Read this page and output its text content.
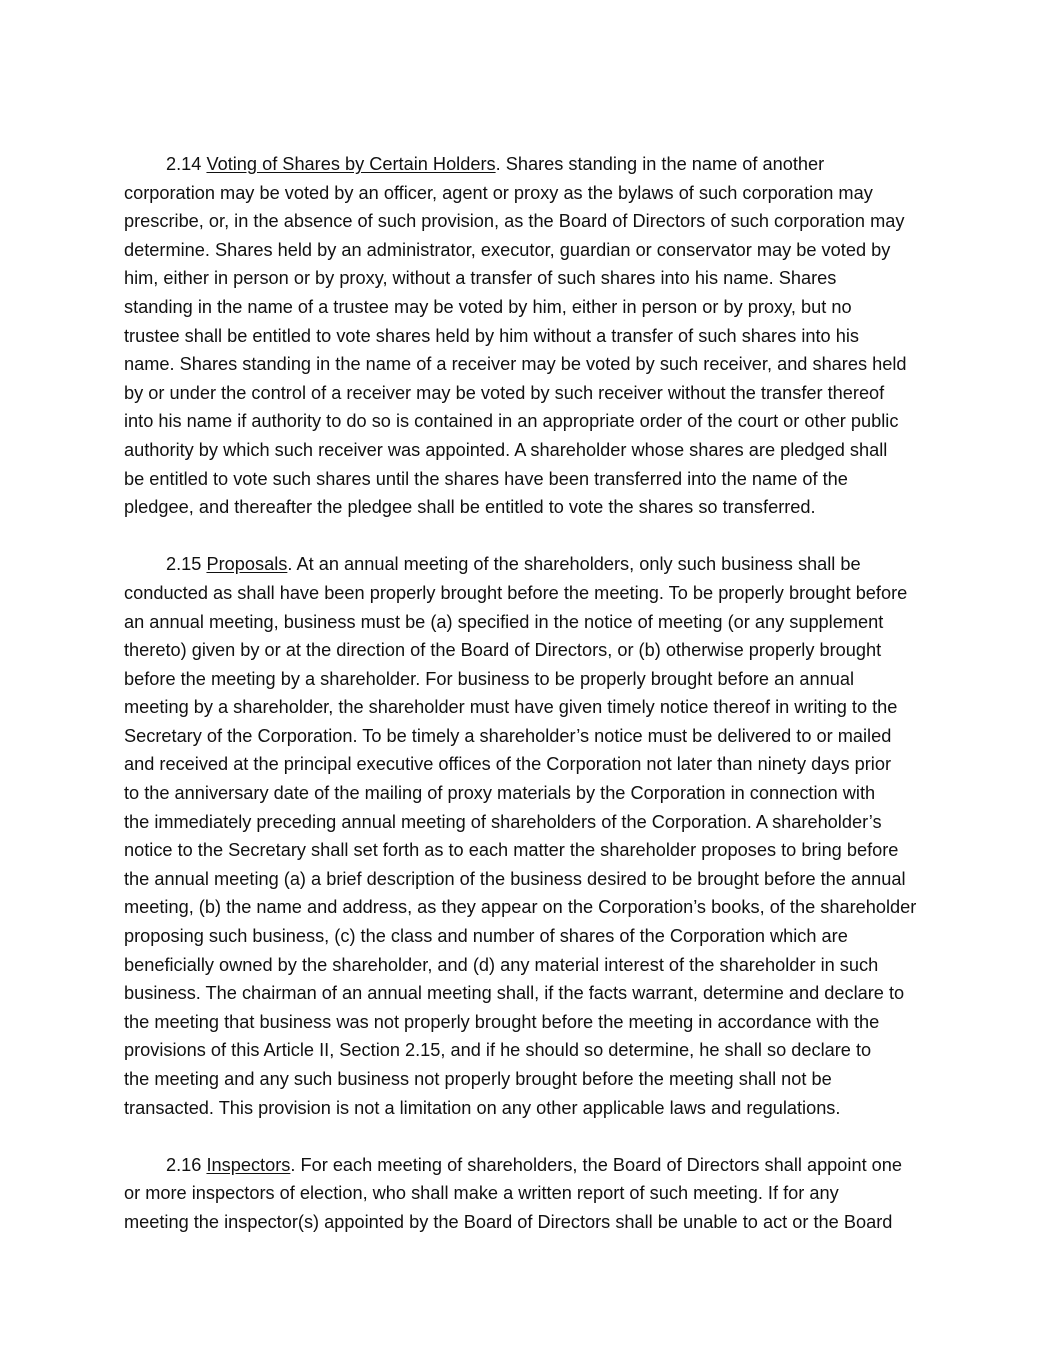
2.14 Voting of Shares by Certain Holders. Shares standing in the name of another
corporation may be voted by an officer, agent or proxy as the bylaws of such corporation may
prescribe, or, in the absence of such provision, as the Board of Directors of such corporation may
determine. Shares held by an administrator, executor, guardian or conservator may be voted by
him, either in person or by proxy, without a transfer of such shares into his name. Shares
standing in the name of a trustee may be voted by him, either in person or by proxy, but no
trustee shall be entitled to vote shares held by him without a transfer of such shares into his
name. Shares standing in the name of a receiver may be voted by such receiver, and shares held
by or under the control of a receiver may be voted by such receiver without the transfer thereof
into his name if authority to do so is contained in an appropriate order of the court or other public
authority by which such receiver was appointed. A shareholder whose shares are pledged shall
be entitled to vote such shares until the shares have been transferred into the name of the
pledgee, and thereafter the pledgee shall be entitled to vote the shares so transferred.
2.15 Proposals. At an annual meeting of the shareholders, only such business shall be
conducted as shall have been properly brought before the meeting. To be properly brought before
an annual meeting, business must be (a) specified in the notice of meeting (or any supplement
thereto) given by or at the direction of the Board of Directors, or (b) otherwise properly brought
before the meeting by a shareholder. For business to be properly brought before an annual
meeting by a shareholder, the shareholder must have given timely notice thereof in writing to the
Secretary of the Corporation. To be timely a shareholder’s notice must be delivered to or mailed
and received at the principal executive offices of the Corporation not later than ninety days prior
to the anniversary date of the mailing of proxy materials by the Corporation in connection with
the immediately preceding annual meeting of shareholders of the Corporation. A shareholder’s
notice to the Secretary shall set forth as to each matter the shareholder proposes to bring before
the annual meeting (a) a brief description of the business desired to be brought before the annual
meeting, (b) the name and address, as they appear on the Corporation’s books, of the shareholder
proposing such business, (c) the class and number of shares of the Corporation which are
beneficially owned by the shareholder, and (d) any material interest of the shareholder in such
business. The chairman of an annual meeting shall, if the facts warrant, determine and declare to
the meeting that business was not properly brought before the meeting in accordance with the
provisions of this Article II, Section 2.15, and if he should so determine, he shall so declare to
the meeting and any such business not properly brought before the meeting shall not be
transacted. This provision is not a limitation on any other applicable laws and regulations.
2.16 Inspectors. For each meeting of shareholders, the Board of Directors shall appoint one
or more inspectors of election, who shall make a written report of such meeting. If for any
meeting the inspector(s) appointed by the Board of Directors shall be unable to act or the Board
